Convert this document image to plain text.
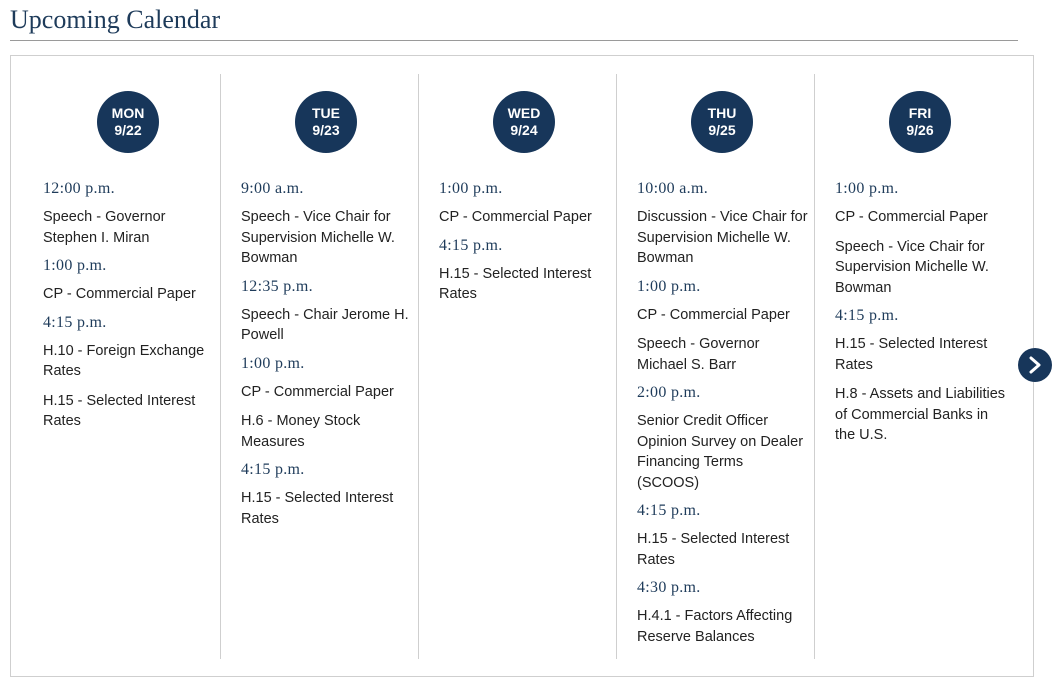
Upcoming Calendar
MON
9/22
12:00 p.m.
Speech - Governor Stephen I. Miran
1:00 p.m.
CP - Commercial Paper
4:15 p.m.
H.10 - Foreign Exchange Rates
H.15 - Selected Interest Rates
TUE
9/23
9:00 a.m.
Speech - Vice Chair for Supervision Michelle W. Bowman
12:35 p.m.
Speech - Chair Jerome H. Powell
1:00 p.m.
CP - Commercial Paper
H.6 - Money Stock Measures
4:15 p.m.
H.15 - Selected Interest Rates
WED
9/24
1:00 p.m.
CP - Commercial Paper
4:15 p.m.
H.15 - Selected Interest Rates
THU
9/25
10:00 a.m.
Discussion - Vice Chair for Supervision Michelle W. Bowman
1:00 p.m.
CP - Commercial Paper
Speech - Governor Michael S. Barr
2:00 p.m.
Senior Credit Officer Opinion Survey on Dealer Financing Terms (SCOOS)
4:15 p.m.
H.15 - Selected Interest Rates
4:30 p.m.
H.4.1 - Factors Affecting Reserve Balances
FRI
9/26
1:00 p.m.
CP - Commercial Paper
Speech - Vice Chair for Supervision Michelle W. Bowman
4:15 p.m.
H.15 - Selected Interest Rates
H.8 - Assets and Liabilities of Commercial Banks in the U.S.
